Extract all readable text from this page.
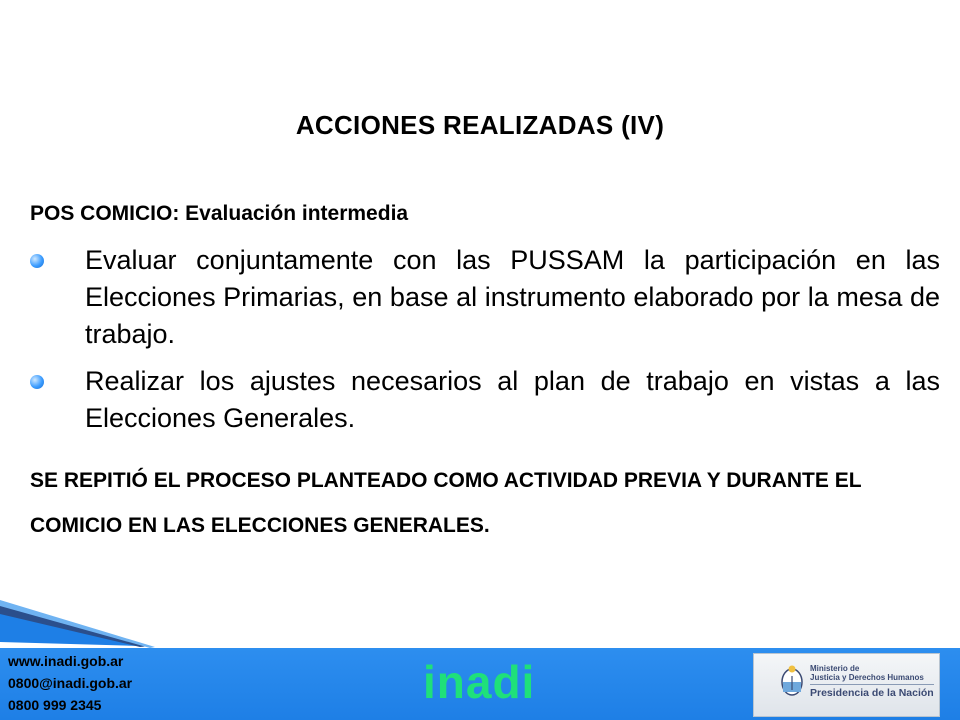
ACCIONES REALIZADAS (IV)
POS COMICIO: Evaluación intermedia
Evaluar conjuntamente con las PUSSAM la participación en las Elecciones Primarias, en base al instrumento elaborado por la mesa de trabajo.
Realizar los ajustes necesarios al plan de trabajo en vistas a las Elecciones Generales.

SE REPITIÓ EL PROCESO PLANTEADO COMO ACTIVIDAD PREVIA Y DURANTE EL COMICIO EN LAS ELECCIONES GENERALES.

www.inadi.gob.ar
0800@inadi.gob.ar
0800 999 2345	inadi	Ministerio de
Justicia y Derechos Humanos
Presidencia de la Nación
